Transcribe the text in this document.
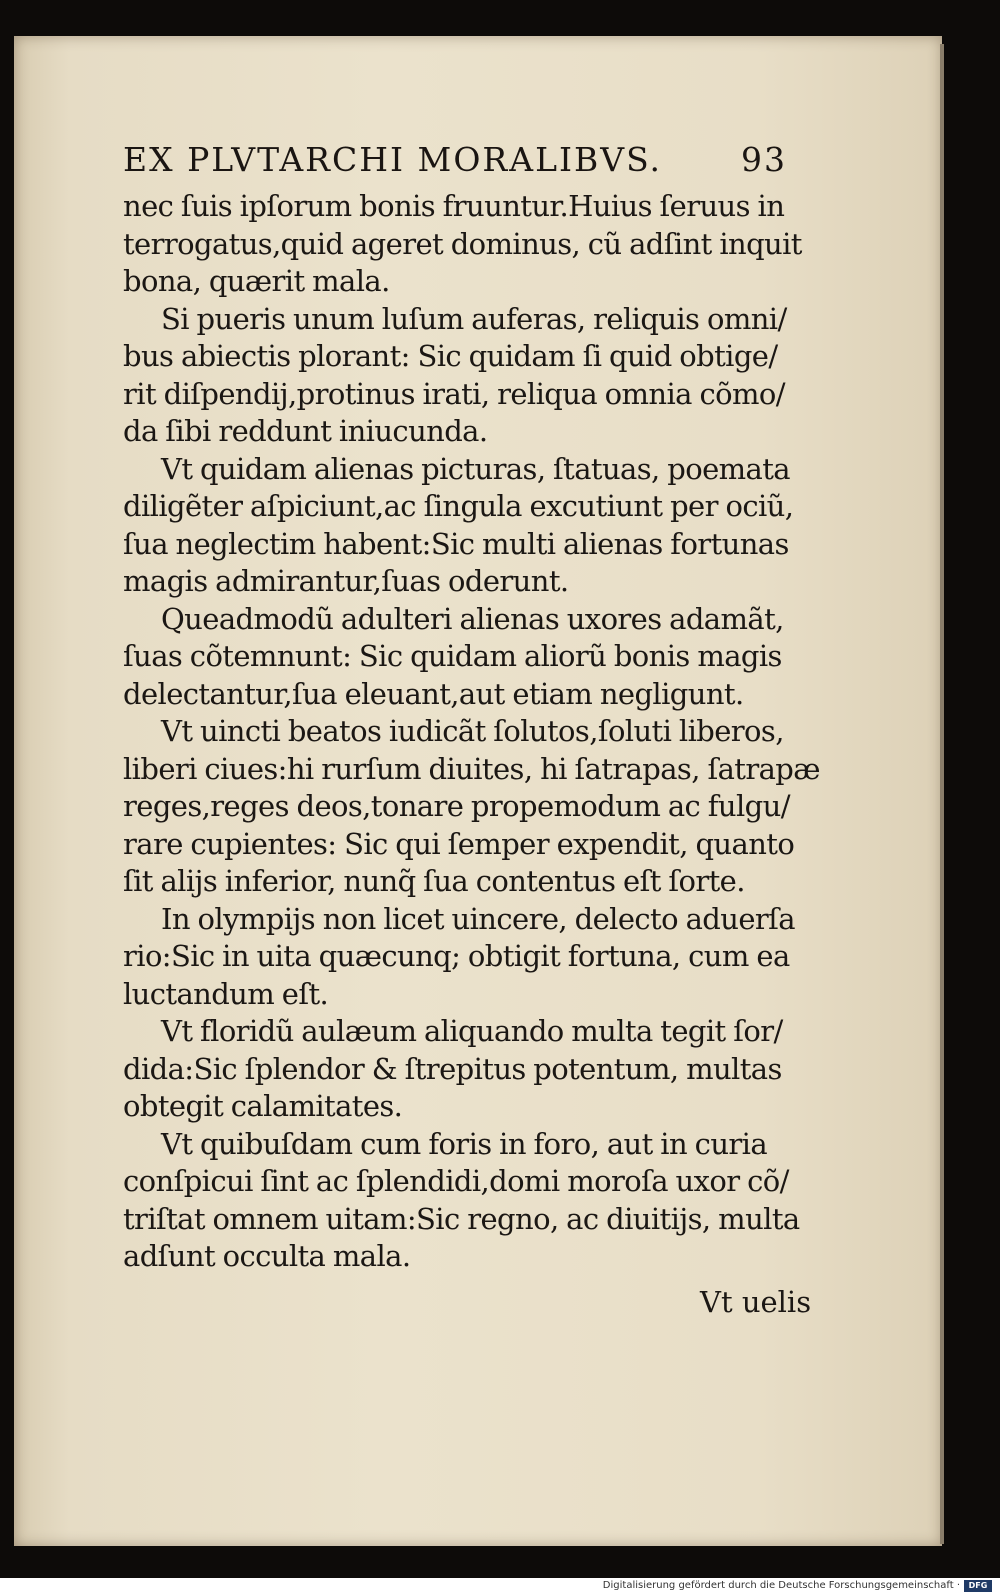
EX PLVTARCHI MORALIBVS. 93
nec ſuis ipſorum bonis fruuntur.Huius ſeruus in
terrogatus,quid ageret dominus, cũ adſint inquit
bona, quærit mala.
Si pueris unum luſum auferas, reliquis omni/
bus abiectis plorant: Sic quidam ſi quid obtige/
rit diſpendij,protinus irati, reliqua omnia cõmo/
da ſibi reddunt iniucunda.
Vt quidam alienas picturas, ſtatuas, poemata
diligẽter aſpiciunt,ac ſingula excutiunt per ociũ,
ſua neglectim habent:Sic multi alienas fortunas
magis admirantur,ſuas oderunt.
Queadmodũ adulteri alienas uxores adamãt,
ſuas cõtemnunt: Sic quidam aliorũ bonis magis
delectantur,ſua eleuant,aut etiam negligunt.
Vt uincti beatos iudicãt ſolutos,ſoluti liberos,
liberi ciues:hi rurſum diuites, hi ſatrapas, ſatrapæ
reges,reges deos,tonare propemodum ac fulgu/
rare cupientes: Sic qui ſemper expendit, quanto
ſit alijs inferior, nunq̃ ſua contentus eſt ſorte.
In olympijs non licet uincere, delecto aduerſa
rio:Sic in uita quæcunq; obtigit fortuna, cum ea
luctandum eſt.
Vt floridũ aulæum aliquando multa tegit ſor/
dida:Sic ſplendor & ſtrepitus potentum, multas
obtegit calamitates.
Vt quibuſdam cum foris in foro, aut in curia
conſpicui ſint ac ſplendidi,domi moroſa uxor cõ/
triſtat omnem uitam:Sic regno, ac diuitijs, multa
adſunt occulta mala.
Vt uelis
Digitalisierung gefördert durch die Deutsche Forschungsgemeinschaft ·	DFG
